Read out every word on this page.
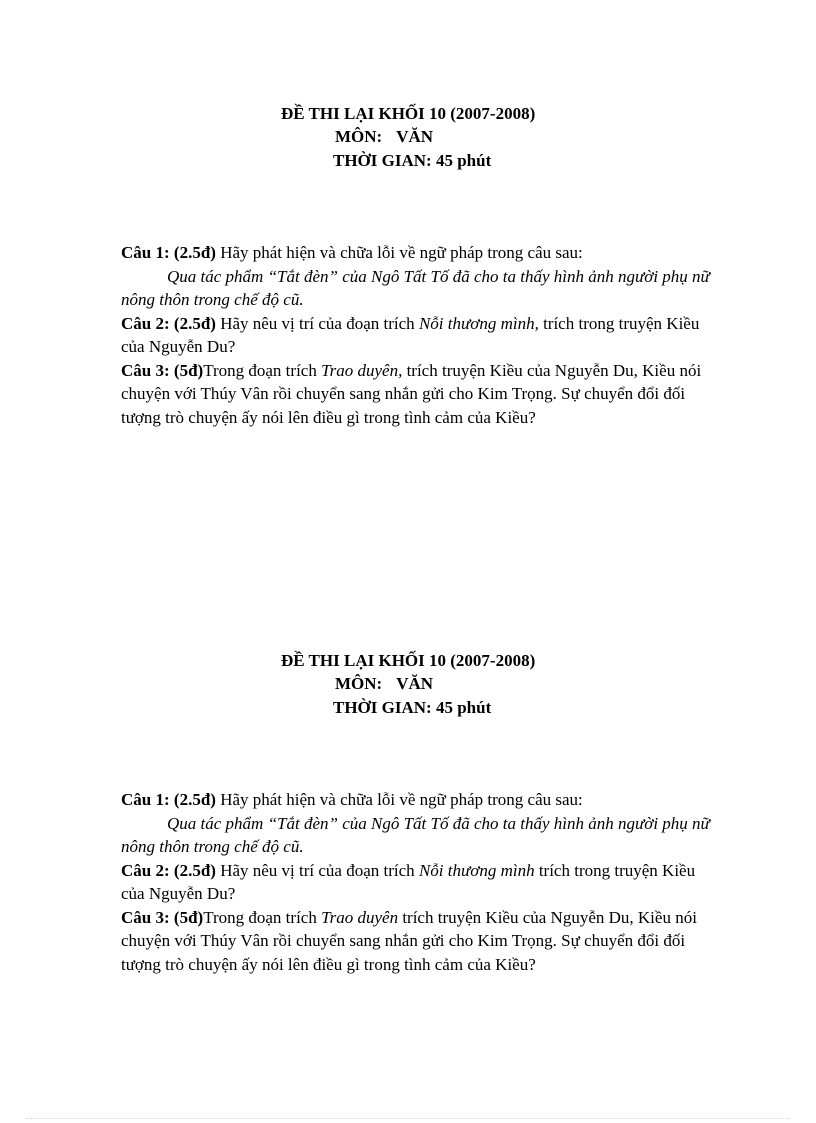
ĐỀ THI LẠI KHỐI 10 (2007-2008)
MÔN: VĂN
THỜI GIAN: 45 phút
Câu 1: (2.5đ) Hãy phát hiện và chữa lỗi về ngữ pháp trong câu sau:
Qua tác phẩm “Tắt đèn” của Ngô Tất Tố đã cho ta thấy hình ảnh người phụ nữ nông thôn trong chế độ cũ.
Câu 2: (2.5đ) Hãy nêu vị trí của đoạn trích Nỗi thương mình, trích trong truyện Kiều của Nguyễn Du?
Câu 3: (5đ)Trong đoạn trích Trao duyên, trích truyện Kiều của Nguyễn Du, Kiều nói chuyện với Thúy Vân rồi chuyển sang nhắn gửi cho Kim Trọng. Sự chuyển đổi đối tượng trò chuyện ấy nói lên điều gì trong tình cảm của Kiều?
ĐỀ THI LẠI KHỐI 10 (2007-2008)
MÔN: VĂN
THỜI GIAN: 45 phút
Câu 1: (2.5đ) Hãy phát hiện và chữa lỗi về ngữ pháp trong câu sau:
Qua tác phẩm “Tắt đèn” của Ngô Tất Tố đã cho ta thấy hình ảnh người phụ nữ nông thôn trong chế độ cũ.
Câu 2: (2.5đ) Hãy nêu vị trí của đoạn trích Nỗi thương mình trích trong truyện Kiều của Nguyễn Du?
Câu 3: (5đ)Trong đoạn trích Trao duyên trích truyện Kiều của Nguyễn Du, Kiều nói chuyện với Thúy Vân rồi chuyển sang nhắn gửi cho Kim Trọng. Sự chuyển đổi đối tượng trò chuyện ấy nói lên điều gì trong tình cảm của Kiều?
